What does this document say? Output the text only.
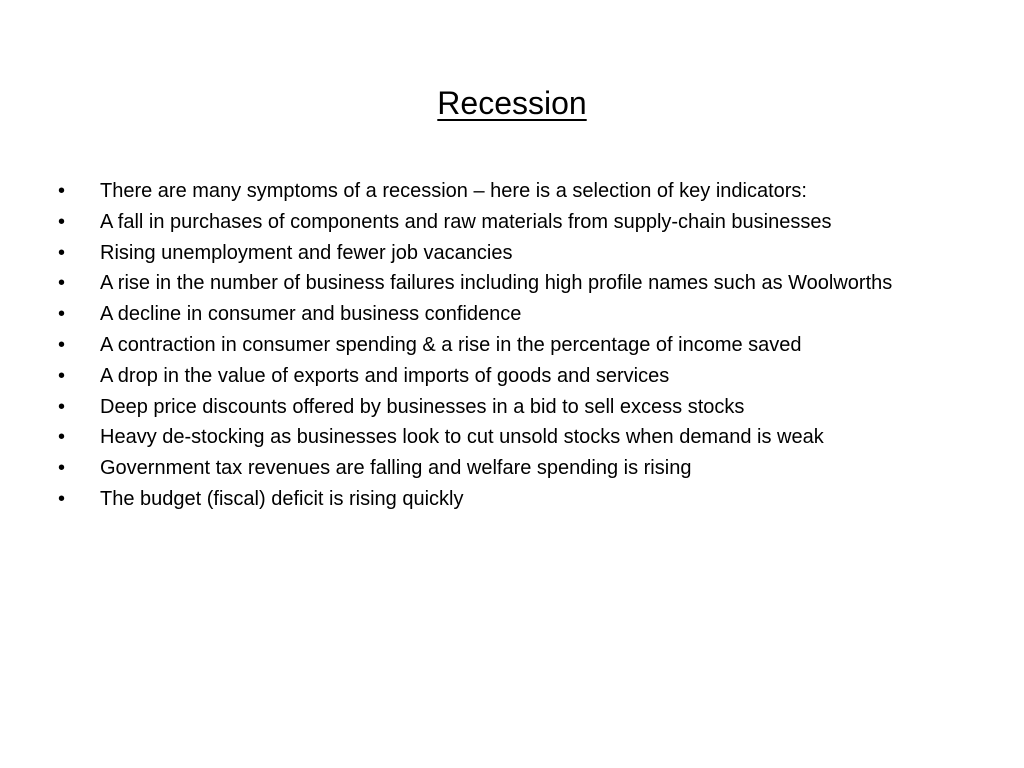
Recession
•	There are many symptoms of a recession – here is a selection of key indicators:
•	A fall in purchases of components and raw materials from supply-chain businesses
•	Rising unemployment and fewer job vacancies
•	A rise in the number of business failures including high profile names such as Woolworths
•	A decline in consumer and business confidence
•	A contraction in consumer spending & a rise in the percentage of income saved
•	A drop in the value of exports and imports of goods and services
•	Deep price discounts offered by businesses in a bid to sell excess stocks
•	Heavy de-stocking as businesses look to cut unsold stocks when demand is weak
•	Government tax revenues are falling and welfare spending is rising
•	The budget (fiscal) deficit is rising quickly
